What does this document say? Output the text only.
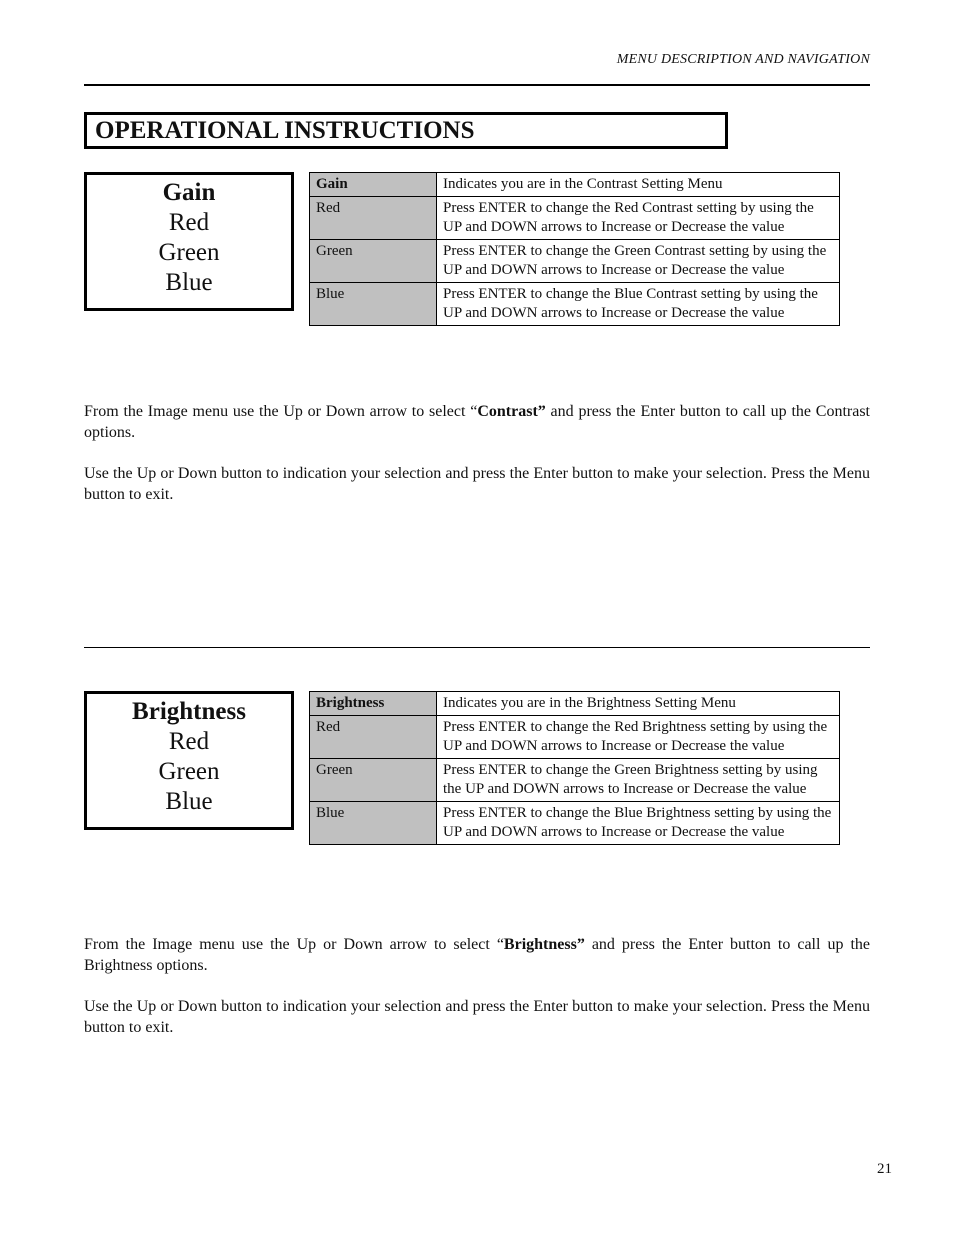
MENU DESCRIPTION AND NAVIGATION
OPERATIONAL INSTRUCTIONS
Gain
Red
Green
Blue
Gain	Indicates you are in the Contrast Setting Menu
Red	Press ENTER to change the Red Contrast setting by using the UP and DOWN arrows to Increase or Decrease the value
Green	Press ENTER to change the Green Contrast setting by using the UP and DOWN arrows to Increase or Decrease the value
Blue	Press ENTER to change the Blue Contrast setting by using the UP and DOWN arrows to Increase or Decrease the value
From the Image menu use the Up or Down arrow to select “Contrast” and press the Enter button to call up the Contrast options.
Use the Up or Down button to indication your selection and press the Enter button to make your selection. Press the Menu button to exit.
Brightness
Red
Green
Blue
Brightness	Indicates you are in the Brightness Setting Menu
Red	Press ENTER to change the Red Brightness setting by using the UP and DOWN arrows to Increase or Decrease the value
Green	Press ENTER to change the Green Brightness setting by using the UP and DOWN arrows to Increase or Decrease the value
Blue	Press ENTER to change the Blue Brightness setting by using the UP and DOWN arrows to Increase or Decrease the value
From the Image menu use the Up or Down arrow to select “Brightness” and press the Enter button to call up the Brightness options.
Use the Up or Down button to indication your selection and press the Enter button to make your selection. Press the Menu button to exit.
21
